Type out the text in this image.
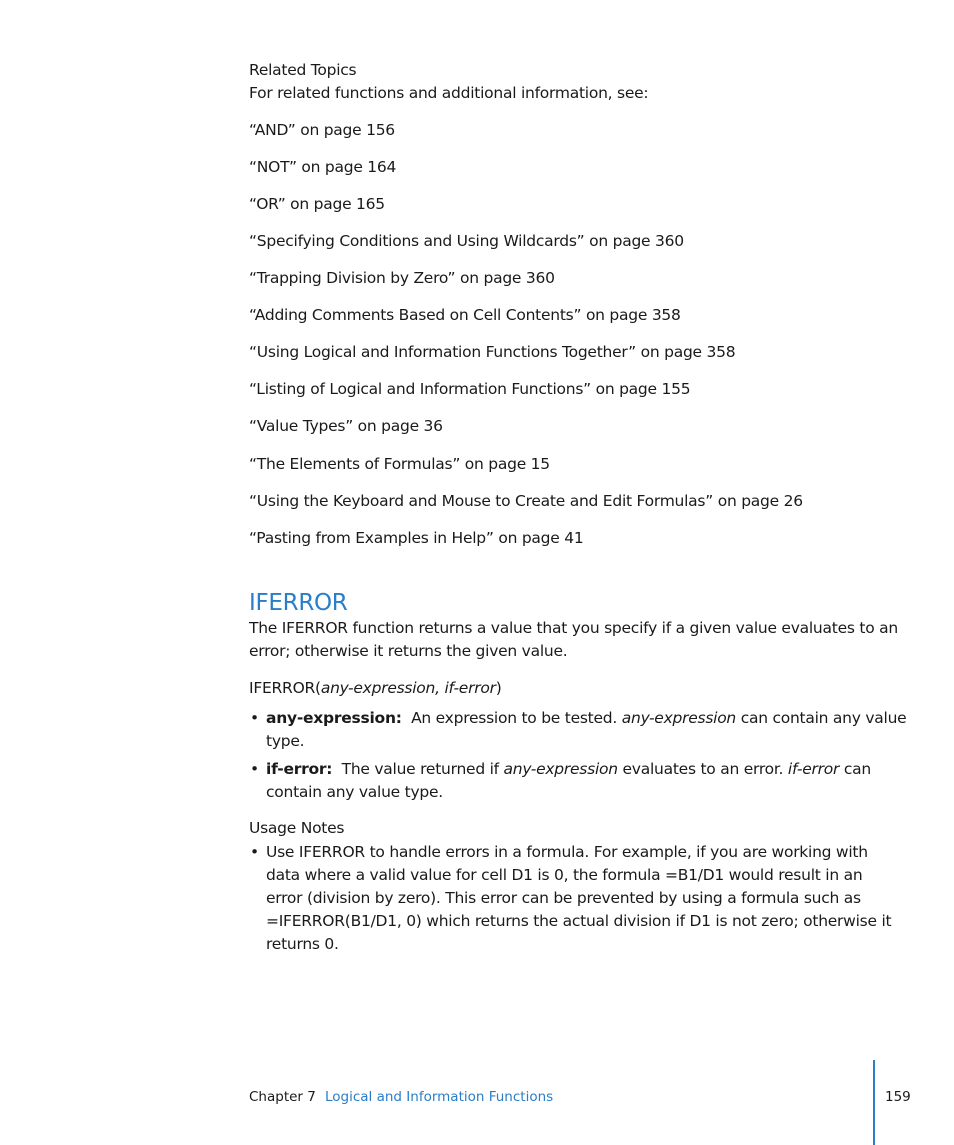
Related Topics
For related functions and additional information, see:
“AND” on page 156
“NOT” on page 164
“OR” on page 165
“Specifying Conditions and Using Wildcards” on page 360
“Trapping Division by Zero” on page 360
“Adding Comments Based on Cell Contents” on page 358
“Using Logical and Information Functions Together” on page 358
“Listing of Logical and Information Functions” on page 155
“Value Types” on page 36
“The Elements of Formulas” on page 15
“Using the Keyboard and Mouse to Create and Edit Formulas” on page 26
“Pasting from Examples in Help” on page 41
IFERROR
The IFERROR function returns a value that you specify if a given value evaluates to an
error; otherwise it returns the given value.
IFERROR(any-expression, if-error)
• any-expression: An expression to be tested. any-expression can contain any value
type.
• if-error: The value returned if any-expression evaluates to an error. if-error can
contain any value type.
Usage Notes
• Use IFERROR to handle errors in a formula. For example, if you are working with
data where a valid value for cell D1 is 0, the formula =B1/D1 would result in an
error (division by zero). This error can be prevented by using a formula such as
=IFERROR(B1/D1, 0) which returns the actual division if D1 is not zero; otherwise it
returns 0.
Chapter 7 Logical and Information Functions	159
